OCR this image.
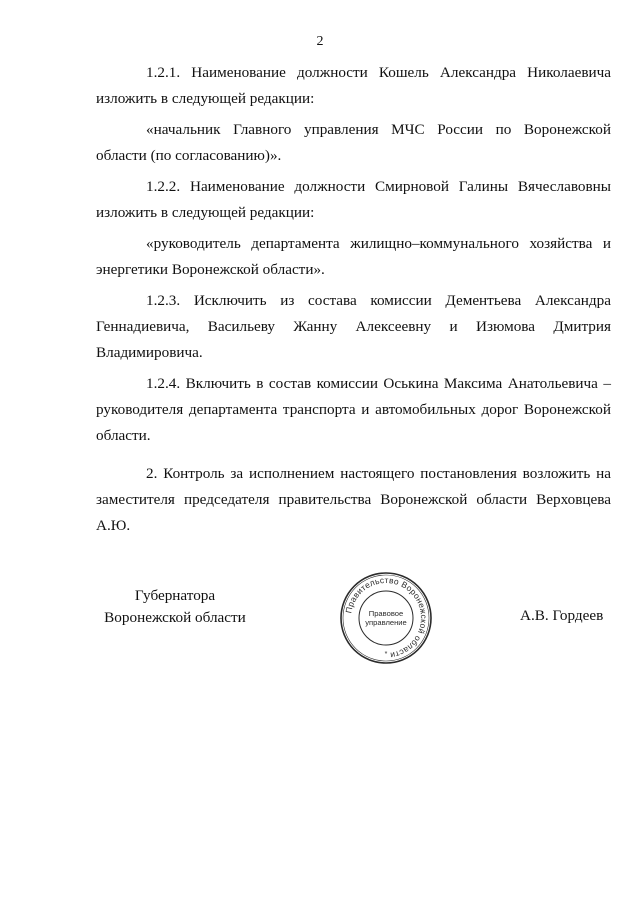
2

1.2.1. Наименование должности Кошель Александра Николаевича изложить в следующей редакции:

«начальник Главного управления МЧС России по Воронежской области (по согласованию)».

1.2.2. Наименование должности Смирновой Галины Вячеславовны изложить в следующей редакции:

«руководитель департамента жилищно–коммунального хозяйства и энергетики Воронежской области».

1.2.3. Исключить из состава комиссии Дементьева Александра Геннадиевича, Васильеву Жанну Алексеевну и Изюмова Дмитрия Владимировича.

1.2.4. Включить в состав комиссии Оськина Максима Анатольевича – руководителя департамента транспорта и автомобильных дорог Воронежской области.

2. Контроль за исполнением настоящего постановления возложить на заместителя председателя правительства Воронежской области Верховцева А.Ю.

Губернатора
Воронежской области	Правительство Воронежской области
Правовое
управление
*
А.В. Гордеев
